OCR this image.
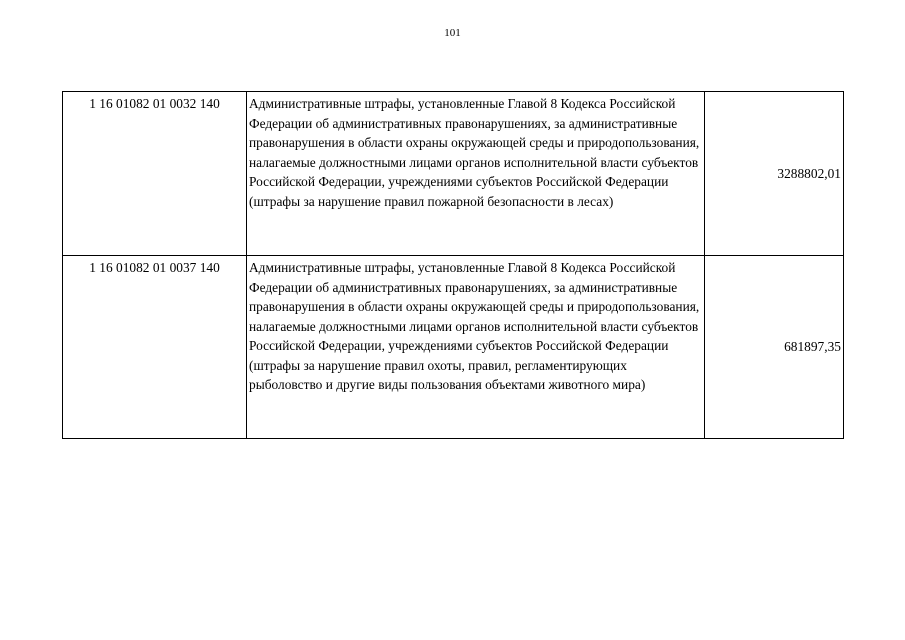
101
1 16 01082 01 0032 140	Административные штрафы, установленные Главой 8 Кодекса Российской Федерации об административных правонарушениях, за административные правонарушения в области охраны окружающей среды и природопользования, налагаемые должностными лицами органов исполнительной власти субъектов Российской Федерации, учреждениями субъектов Российской Федерации (штрафы за нарушение правил пожарной безопасности в лесах)	3288802,01
1 16 01082 01 0037 140	Административные штрафы, установленные Главой 8 Кодекса Российской Федерации об административных правонарушениях, за административные правонарушения в области охраны окружающей среды и природопользования, налагаемые должностными лицами органов исполнительной власти субъектов Российской Федерации, учреждениями субъектов Российской Федерации (штрафы за нарушение правил охоты, правил, регламентирующих рыболовство и другие виды пользования объектами животного мира)	681897,35
